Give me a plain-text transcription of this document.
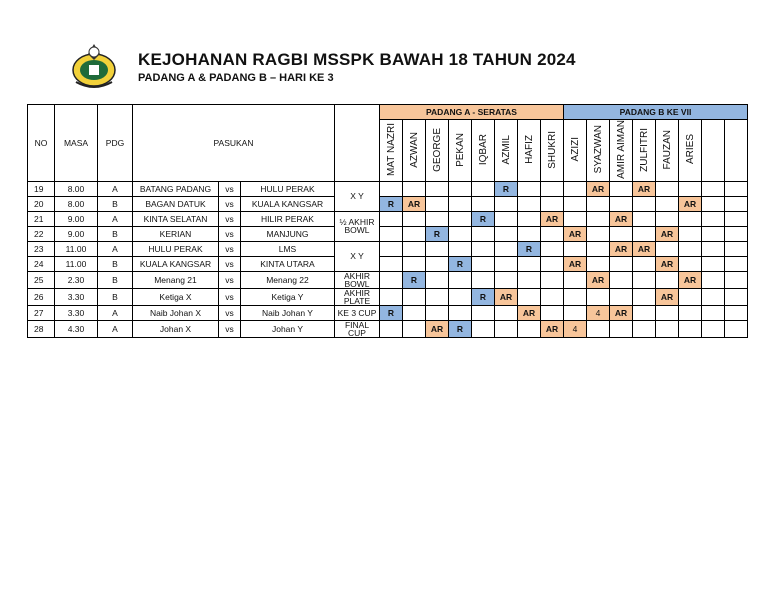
KEJOHANAN RAGBI MSSPK BAWAH 18 TAHUN 2024
PADANG A & PADANG B – HARI KE 3
NO	MASA	PDG	PASUKAN				PADANG A - SERATAS								PADANG B KE VII							
							MAT NAZRI	AZWAN	GEORGE	PEKAN	IQBAR	AZMIL	HAFIZ	SHUKRI	AZIZI	SYAZWAN	AMIR AIMAN	ZULFITRI	FAUZAN	ARIES		
19	8.00	A	BATANG PADANG	vs	HULU PERAK	X Y						R				AR		AR				
20	8.00	B	BAGAN DATUK	vs	KUALA KANGSAR		R	AR												AR		
21	9.00	A	KINTA SELATAN	vs	HILIR PERAK	½ AKHIR BOWL					R			AR			AR					
22	9.00	B	KERIAN	vs	MANJUNG				R						AR				AR			
23	11.00	A	HULU PERAK	vs	LMS	X Y							R				AR	AR				
24	11.00	B	KUALA KANGSAR	vs	KINTA UTARA					R					AR				AR			
25	2.30	B	Menang 21	vs	Menang 22	AKHIR BOWL		R								AR				AR		
26	3.30	B	Ketiga X	vs	Ketiga Y	AKHIR PLATE					R	AR							AR			
27	3.30	A	Naib Johan X	vs	Naib Johan Y	KE 3 CUP	R						AR			4	AR					
28	4.30	A	Johan X	vs	Johan Y	FINAL CUP			AR	R				AR	4							
